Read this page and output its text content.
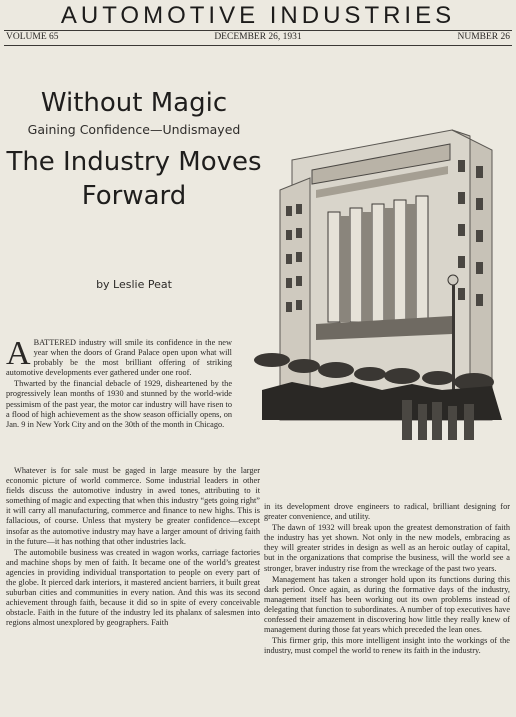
AUTOMOTIVE INDUSTRIES
VOLUME 65	DECEMBER 26, 1931	NUMBER 26
Without Magic
Gaining Confidence—Undismayed
The Industry Moves
Forward
by Leslie Peat
A BATTERED industry will smile its confidence in the new year when the doors of Grand Palace open upon what will probably be the most brilliant offering of striking automotive developments ever gathered under one roof.

Thwarted by the financial debacle of 1929, disheartened by the progressively lean months of 1930 and stunned by the world-wide pessimism of the past year, the motor car industry will have risen to a flood of high achievement as the show season officially opens, on Jan. 9 in New York City and on the 30th of the month in Chicago.

Whatever is for sale must be gaged in large measure by the larger economic picture of world commerce. Some industrial leaders in other fields discuss the automotive industry in awed tones, attributing to it something of magic and expecting that when this industry “gets going right” it will carry all manufacturing, commerce and finance to new highs. This is fallacious, of course. Unless that mystery be greater confidence—except insofar as the automotive industry may have a larger amount of driving faith in the future—it has nothing that other industries lack.

The automobile business was created in wagon works, carriage factories and machine shops by men of faith. It became one of the world’s greatest agencies in providing individual transportation to people on every part of the globe. It pierced dark interiors, it mastered ancient barriers, it built great suburban cities and communities in every nation. And this was its second achievement through faith, because it did so in spite of every conceivable obstacle. Faith in the future of the industry led its phalanx of salesmen into regions almost unexplored by geographers. Faith

in its development drove engineers to radical, brilliant designing for greater convenience, and utility.

The dawn of 1932 will break upon the greatest demonstration of faith the industry has yet shown. Not only in the new models, embracing as they will greater strides in design as well as an heroic outlay of capital, but in the organizations that comprise the business, will the world see a stronger, braver industry rise from the wreckage of the past two years.

Management has taken a stronger hold upon its functions during this dark period. Once again, as during the formative days of the industry, management itself has been working out its own problems instead of delegating that function to subordinates. A number of top executives have confessed their amazement in discovering how little they really knew of management during those fat years which preceded the lean ones.

This firmer grip, this more intelligent insight into the workings of the industry, must compel the world to renew its faith in the industry.
